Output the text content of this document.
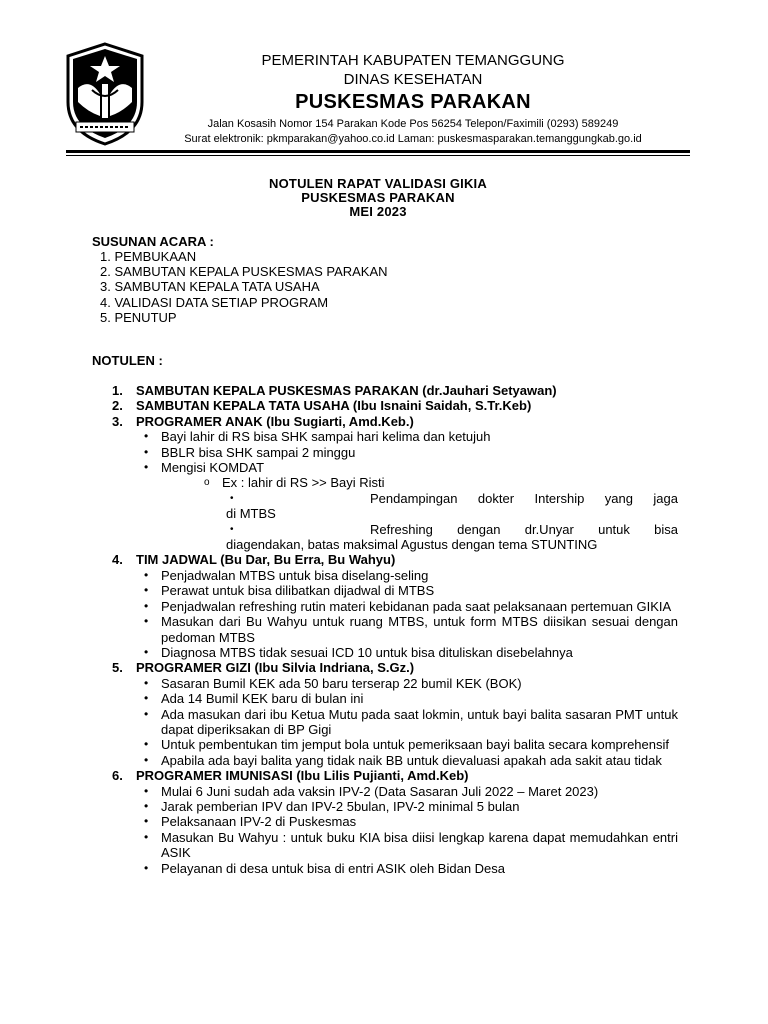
PEMERINTAH KABUPATEN TEMANGGUNG
DINAS KESEHATAN
PUSKESMAS PARAKAN
Jalan Kosasih Nomor 154 Parakan Kode Pos 56254 Telepon/Faximili (0293) 589249
Surat elektronik: pkmparakan@yahoo.co.id Laman: puskesmasparakan.temanggungkab.go.id
NOTULEN RAPAT VALIDASI GIKIA
PUSKESMAS PARAKAN
MEI 2023
SUSUNAN ACARA :
1. PEMBUKAAN
2. SAMBUTAN KEPALA PUSKESMAS PARAKAN
3. SAMBUTAN KEPALA TATA USAHA
4. VALIDASI DATA SETIAP PROGRAM
5. PENUTUP
NOTULEN :
1. SAMBUTAN KEPALA PUSKESMAS PARAKAN (dr.Jauhari Setyawan)
2. SAMBUTAN KEPALA TATA USAHA (Ibu Isnaini Saidah, S.Tr.Keb)
3. PROGRAMER ANAK (Ibu Sugiarti, Amd.Keb.)
• Bayi lahir di RS bisa SHK sampai hari kelima dan ketujuh
• BBLR bisa SHK sampai 2 minggu
• Mengisi KOMDAT
o Ex : lahir di RS >> Bayi Risti
•	Pendampingan dokter Intership yang jaga
di MTBS
•	Refreshing dengan dr.Unyar untuk bisa
diagendakan, batas maksimal Agustus dengan tema STUNTING
4. TIM JADWAL (Bu Dar, Bu Erra, Bu Wahyu)
• Penjadwalan MTBS untuk bisa diselang-seling
• Perawat untuk bisa dilibatkan dijadwal di MTBS
• Penjadwalan refreshing rutin materi kebidanan pada saat pelaksanaan pertemuan GIKIA
• Masukan dari Bu Wahyu untuk ruang MTBS, untuk form MTBS diisikan sesuai dengan pedoman MTBS
• Diagnosa MTBS tidak sesuai ICD 10 untuk bisa dituliskan disebelahnya
5. PROGRAMER GIZI (Ibu Silvia Indriana, S.Gz.)
• Sasaran Bumil KEK ada 50 baru terserap 22 bumil KEK (BOK)
• Ada 14 Bumil KEK baru di bulan ini
• Ada masukan dari ibu Ketua Mutu pada saat lokmin, untuk bayi balita sasaran PMT untuk dapat diperiksakan di BP Gigi
• Untuk pembentukan tim jemput bola untuk pemeriksaan bayi balita secara komprehensif
• Apabila ada bayi balita yang tidak naik BB untuk dievaluasi apakah ada sakit atau tidak
6. PROGRAMER IMUNISASI (Ibu Lilis Pujianti, Amd.Keb)
• Mulai 6 Juni sudah ada vaksin IPV-2 (Data Sasaran Juli 2022 – Maret 2023)
• Jarak pemberian IPV dan IPV-2 5bulan, IPV-2 minimal 5 bulan
• Pelaksanaan IPV-2 di Puskesmas
• Masukan Bu Wahyu : untuk buku KIA bisa diisi lengkap karena dapat memudahkan entri ASIK
• Pelayanan di desa untuk bisa di entri ASIK oleh Bidan Desa
